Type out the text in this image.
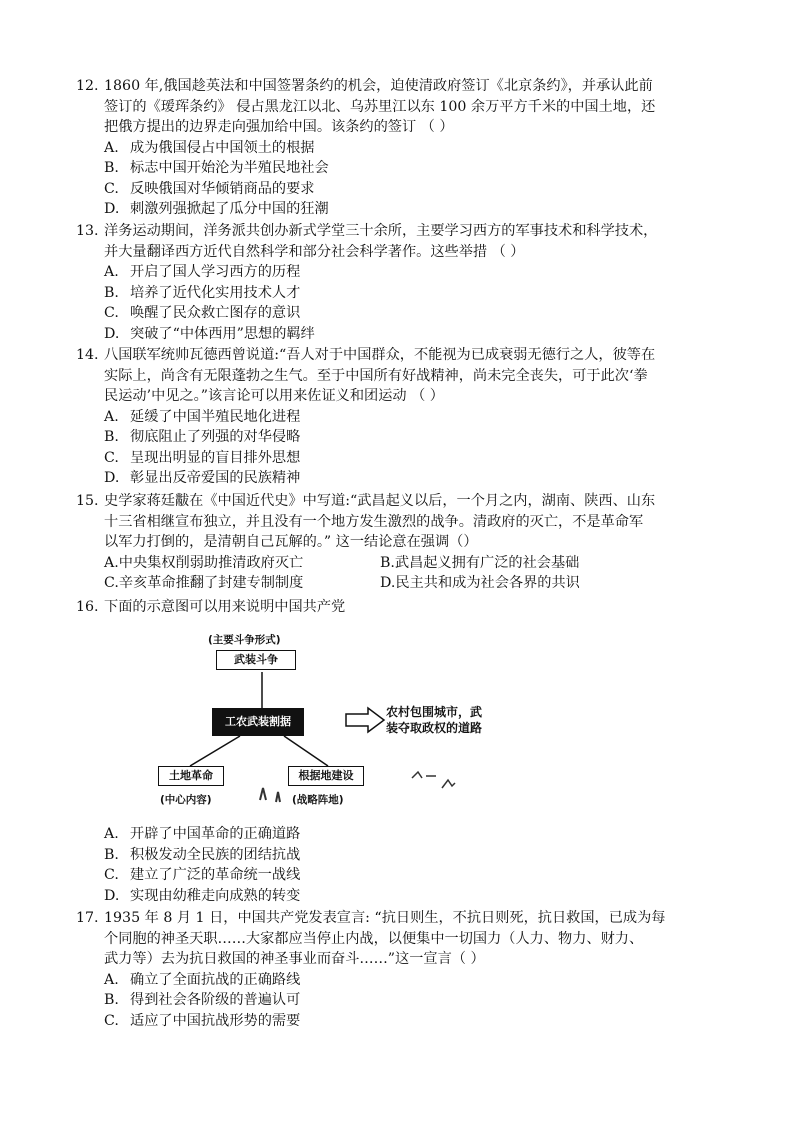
12. 1860 年,俄国趁英法和中国签署条约的机会，迫使清政府签订《北京条约》，并承认此前
签订的《瑷珲条约》 侵占黑龙江以北、乌苏里江以东 100 余万平方千米的中国土地，还
把俄方提出的边界走向强加给中国。该条约的签订 （ ）
A. 成为俄国侵占中国领土的根据
B. 标志中国开始沦为半殖民地社会
C. 反映俄国对华倾销商品的要求
D. 刺激列强掀起了瓜分中国的狂潮
13. 洋务运动期间，洋务派共创办新式学堂三十余所，主要学习西方的军事技术和科学技术，
并大量翻译西方近代自然科学和部分社会科学著作。这些举措 （ ）
A. 开启了国人学习西方的历程
B. 培养了近代化实用技术人才
C. 唤醒了民众救亡图存的意识
D. 突破了“中体西用”思想的羁绊
14. 八国联军统帅瓦德西曾说道:“吾人对于中国群众，不能视为已成衰弱无德行之人，彼等在
实际上，尚含有无限蓬勃之生气。至于中国所有好战精神，尚未完全丧失，可于此次‘拳
民运动’中见之。”该言论可以用来佐证义和团运动 （ ）
A. 延缓了中国半殖民地化进程
B. 彻底阻止了列强的对华侵略
C. 呈现出明显的盲目排外思想
D. 彰显出反帝爱国的民族精神
15. 史学家蒋廷黻在《中国近代史》中写道:“武昌起义以后，一个月之内，湖南、陕西、山东
十三省相继宣布独立，并且没有一个地方发生激烈的战争。清政府的灭亡，不是革命军
以军力打倒的，是清朝自己瓦解的。” 这一结论意在强调（）
A.中央集权削弱助推清政府灭亡	B.武昌起义拥有广泛的社会基础
C.辛亥革命推翻了封建专制制度	D.民主共和成为社会各界的共识
16. 下面的示意图可以用来说明中国共产党
(主要斗争形式)
武装斗争
工农武装割据
农村包围城市，武
装夺取政权的道路
土地革命
(中心内容)
根据地建设
(战略阵地)
A. 开辟了中国革命的正确道路
B. 积极发动全民族的团结抗战
C. 建立了广泛的革命统一战线
D. 实现由幼稚走向成熟的转变
17. 1935 年 8 月 1 日，中国共产党发表宣言: “抗日则生，不抗日则死，抗日救国，已成为每
个同胞的神圣天职……大家都应当停止内战，以便集中一切国力（人力、物力、财力、
武力等）去为抗日救国的神圣事业而奋斗……”这一宣言（ ）
A. 确立了全面抗战的正确路线
B. 得到社会各阶级的普遍认可
C. 适应了中国抗战形势的需要
